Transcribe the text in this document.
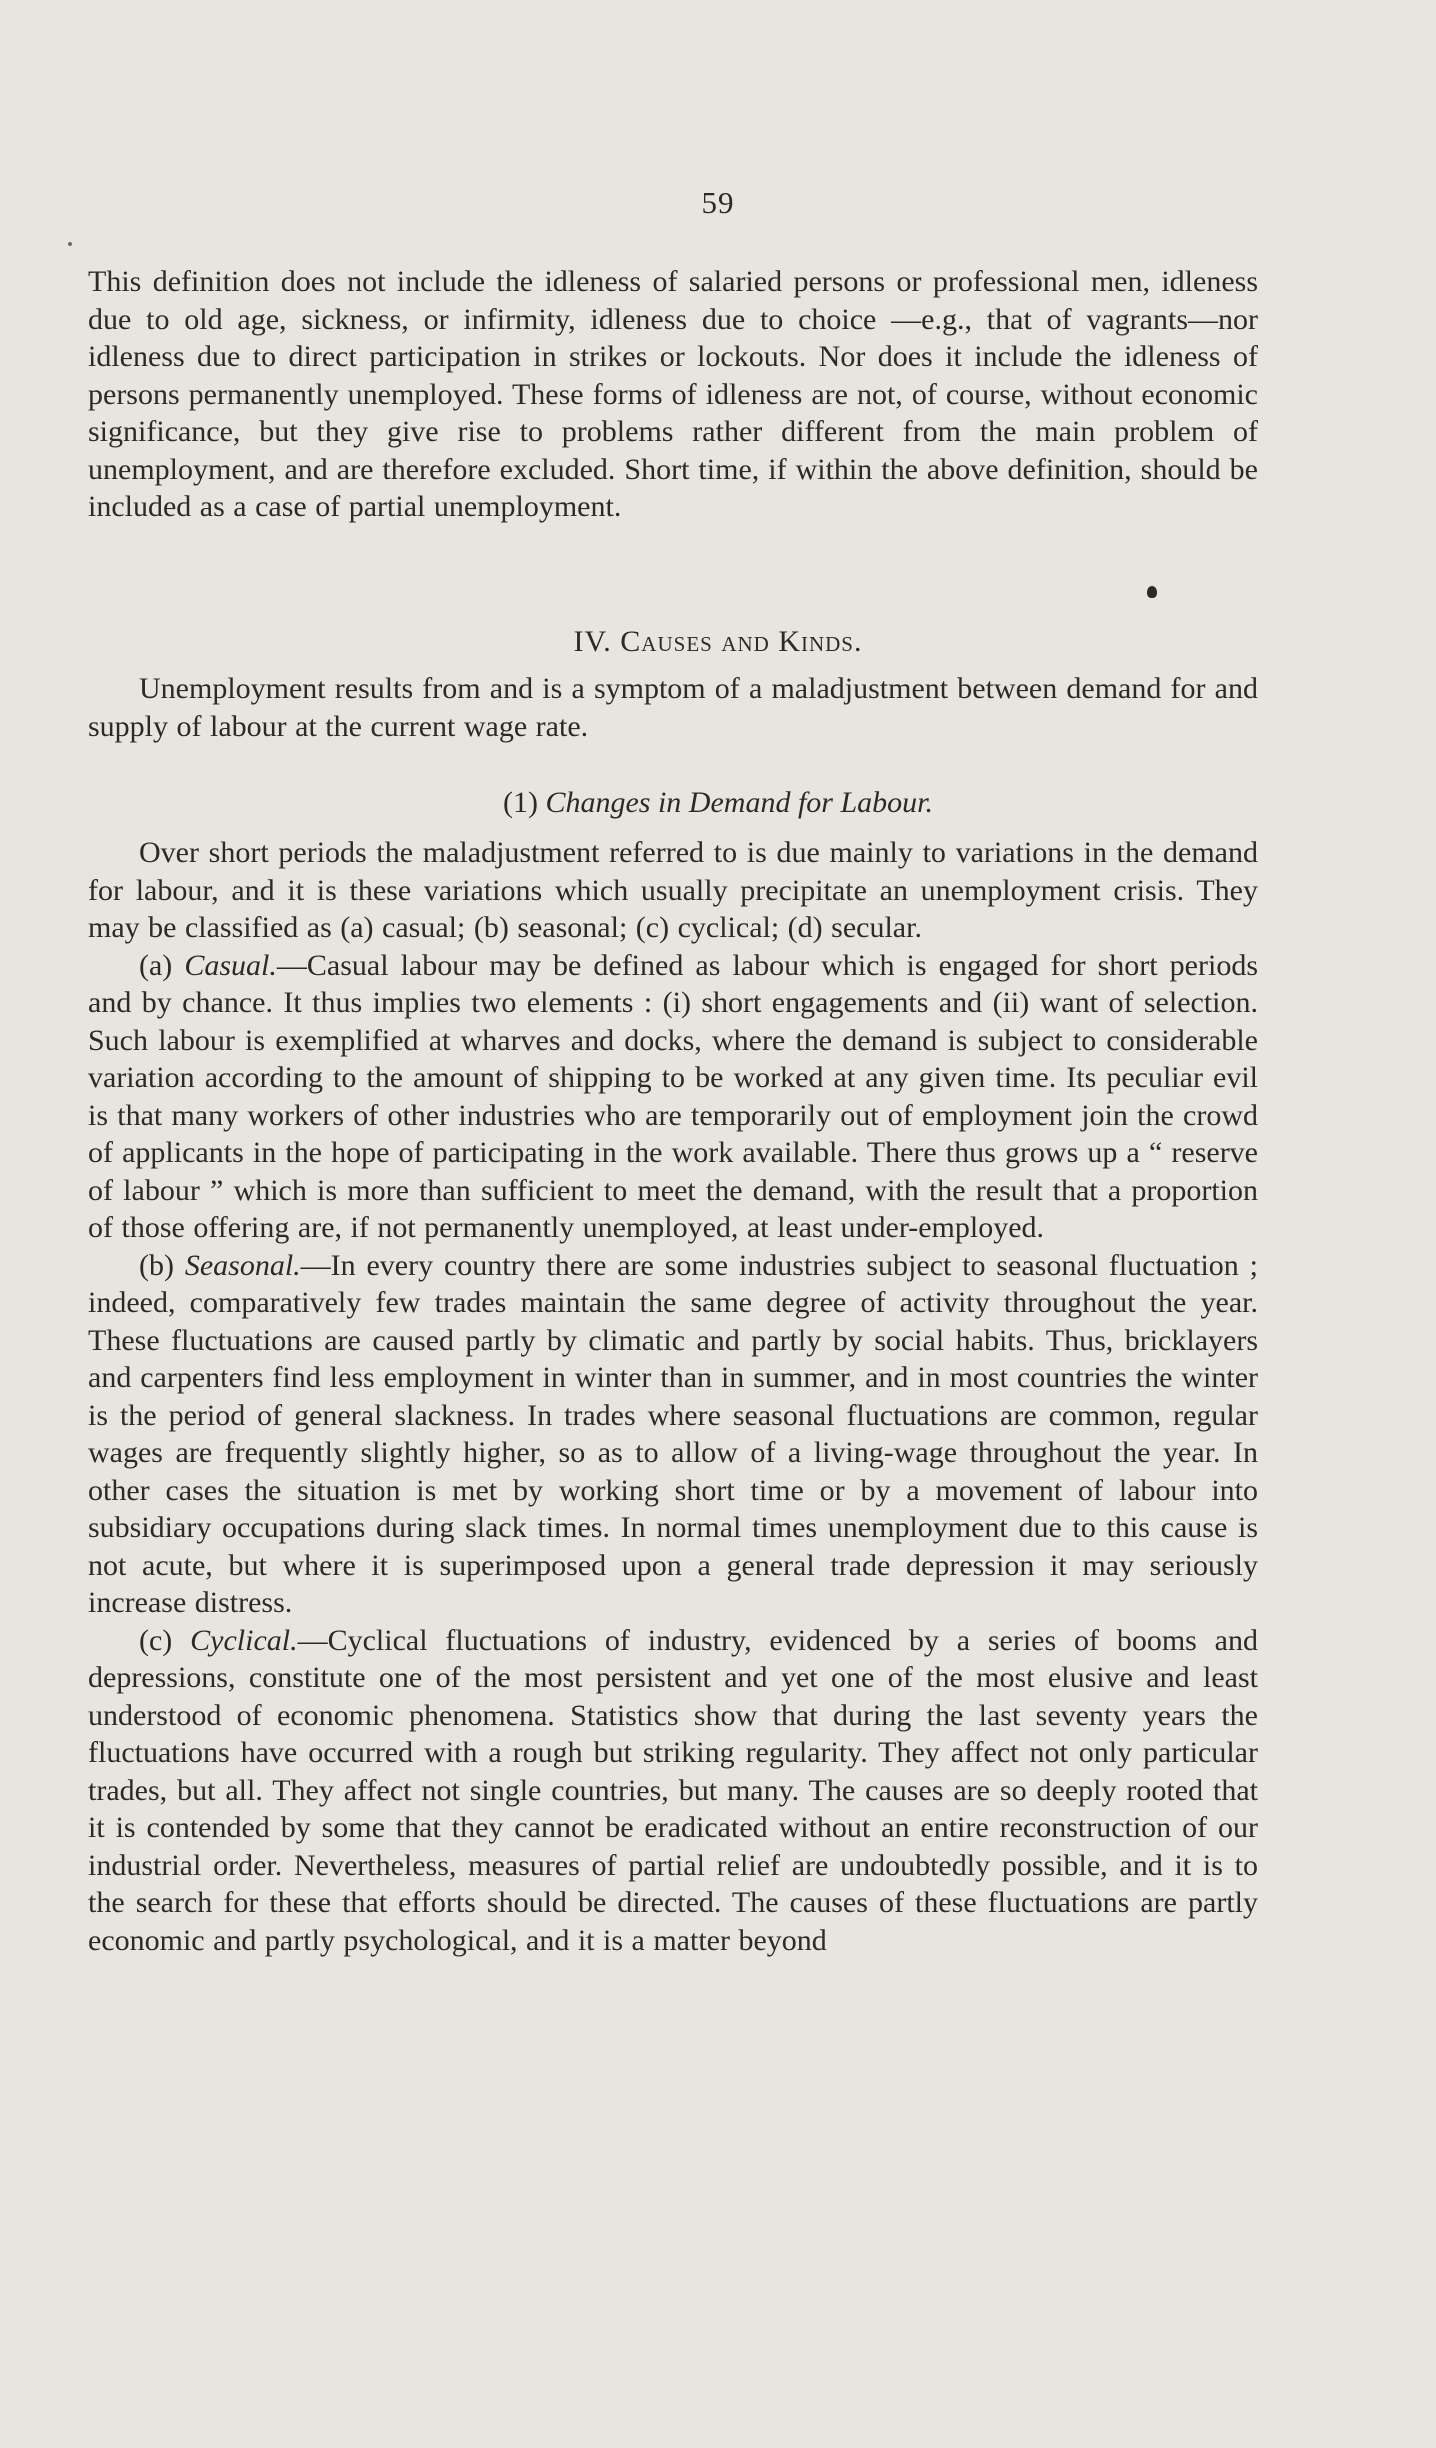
59

This definition does not include the idleness of salaried persons or professional men, idleness due to old age, sickness, or infirmity, idleness due to choice —e.g., that of vagrants—nor idleness due to direct participation in strikes or lockouts. Nor does it include the idleness of persons permanently unemployed. These forms of idleness are not, of course, without economic significance, but they give rise to problems rather different from the main problem of unemployment, and are therefore excluded. Short time, if within the above definition, should be included as a case of partial unemployment.

IV. Causes and Kinds.

Unemployment results from and is a symptom of a maladjustment between demand for and supply of labour at the current wage rate.

(1) Changes in Demand for Labour.

Over short periods the maladjustment referred to is due mainly to variations in the demand for labour, and it is these variations which usually precipitate an unemployment crisis. They may be classified as (a) casual; (b) seasonal; (c) cyclical; (d) secular.

(a) Casual.—Casual labour may be defined as labour which is engaged for short periods and by chance. It thus implies two elements : (i) short engagements and (ii) want of selection. Such labour is exemplified at wharves and docks, where the demand is subject to considerable variation according to the amount of shipping to be worked at any given time. Its peculiar evil is that many workers of other industries who are temporarily out of employment join the crowd of applicants in the hope of participating in the work available. There thus grows up a “ reserve of labour ” which is more than sufficient to meet the demand, with the result that a proportion of those offering are, if not permanently unemployed, at least under-employed.

(b) Seasonal.—In every country there are some industries subject to seasonal fluctuation ; indeed, comparatively few trades maintain the same degree of activity throughout the year. These fluctuations are caused partly by climatic and partly by social habits. Thus, bricklayers and carpenters find less employment in winter than in summer, and in most countries the winter is the period of general slackness. In trades where seasonal fluctuations are common, regular wages are frequently slightly higher, so as to allow of a living-wage throughout the year. In other cases the situation is met by working short time or by a movement of labour into subsidiary occupations during slack times. In normal times unemployment due to this cause is not acute, but where it is superimposed upon a general trade depression it may seriously increase distress.

(c) Cyclical.—Cyclical fluctuations of industry, evidenced by a series of booms and depressions, constitute one of the most persistent and yet one of the most elusive and least understood of economic phenomena. Statistics show that during the last seventy years the fluctuations have occurred with a rough but striking regularity. They affect not only particular trades, but all. They affect not single countries, but many. The causes are so deeply rooted that it is contended by some that they cannot be eradicated without an entire reconstruction of our industrial order. Nevertheless, measures of partial relief are undoubtedly possible, and it is to the search for these that efforts should be directed. The causes of these fluctuations are partly economic and partly psychological, and it is a matter beyond
